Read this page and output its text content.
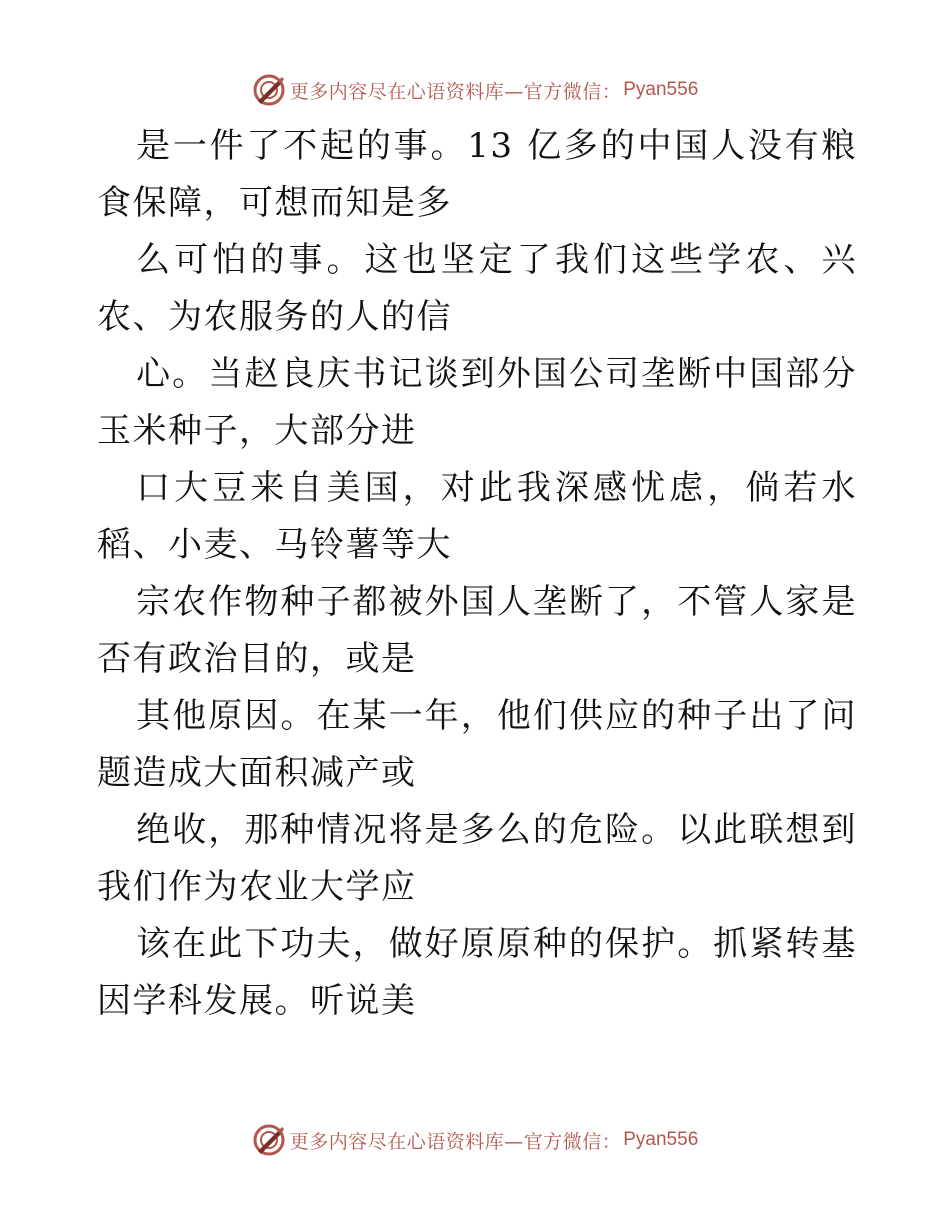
更多内容尽在心语资料库—官方微信： Pyan556

是一件了不起的事。13 亿多的中国人没有粮食保障，可想而知是多

么可怕的事。这也坚定了我们这些学农、兴农、为农服务的人的信

心。当赵良庆书记谈到外国公司垄断中国部分玉米种子，大部分进

口大豆来自美国，对此我深感忧虑，倘若水稻、小麦、马铃薯等大

宗农作物种子都被外国人垄断了，不管人家是否有政治目的，或是

其他原因。在某一年，他们供应的种子出了问题造成大面积减产或

绝收，那种情况将是多么的危险。以此联想到我们作为农业大学应

该在此下功夫，做好原原种的保护。抓紧转基因学科发展。听说美

更多内容尽在心语资料库—官方微信： Pyan556
